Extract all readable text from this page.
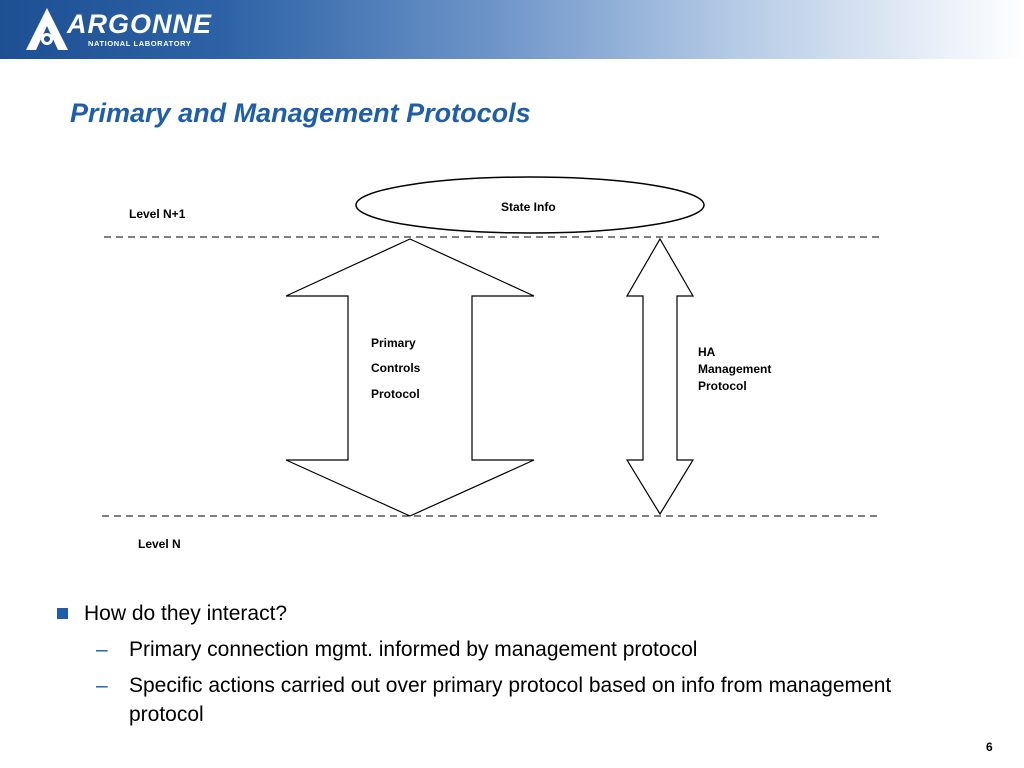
ARGONNE
NATIONAL LABORATORY
Primary and Management Protocols
State Info
Level N+1
Level N
Primary
Controls
Protocol
HA
Management
Protocol
How do they interact?
– Primary connection mgmt. informed by management protocol
– Specific actions carried out over primary protocol based on info from management protocol
6
